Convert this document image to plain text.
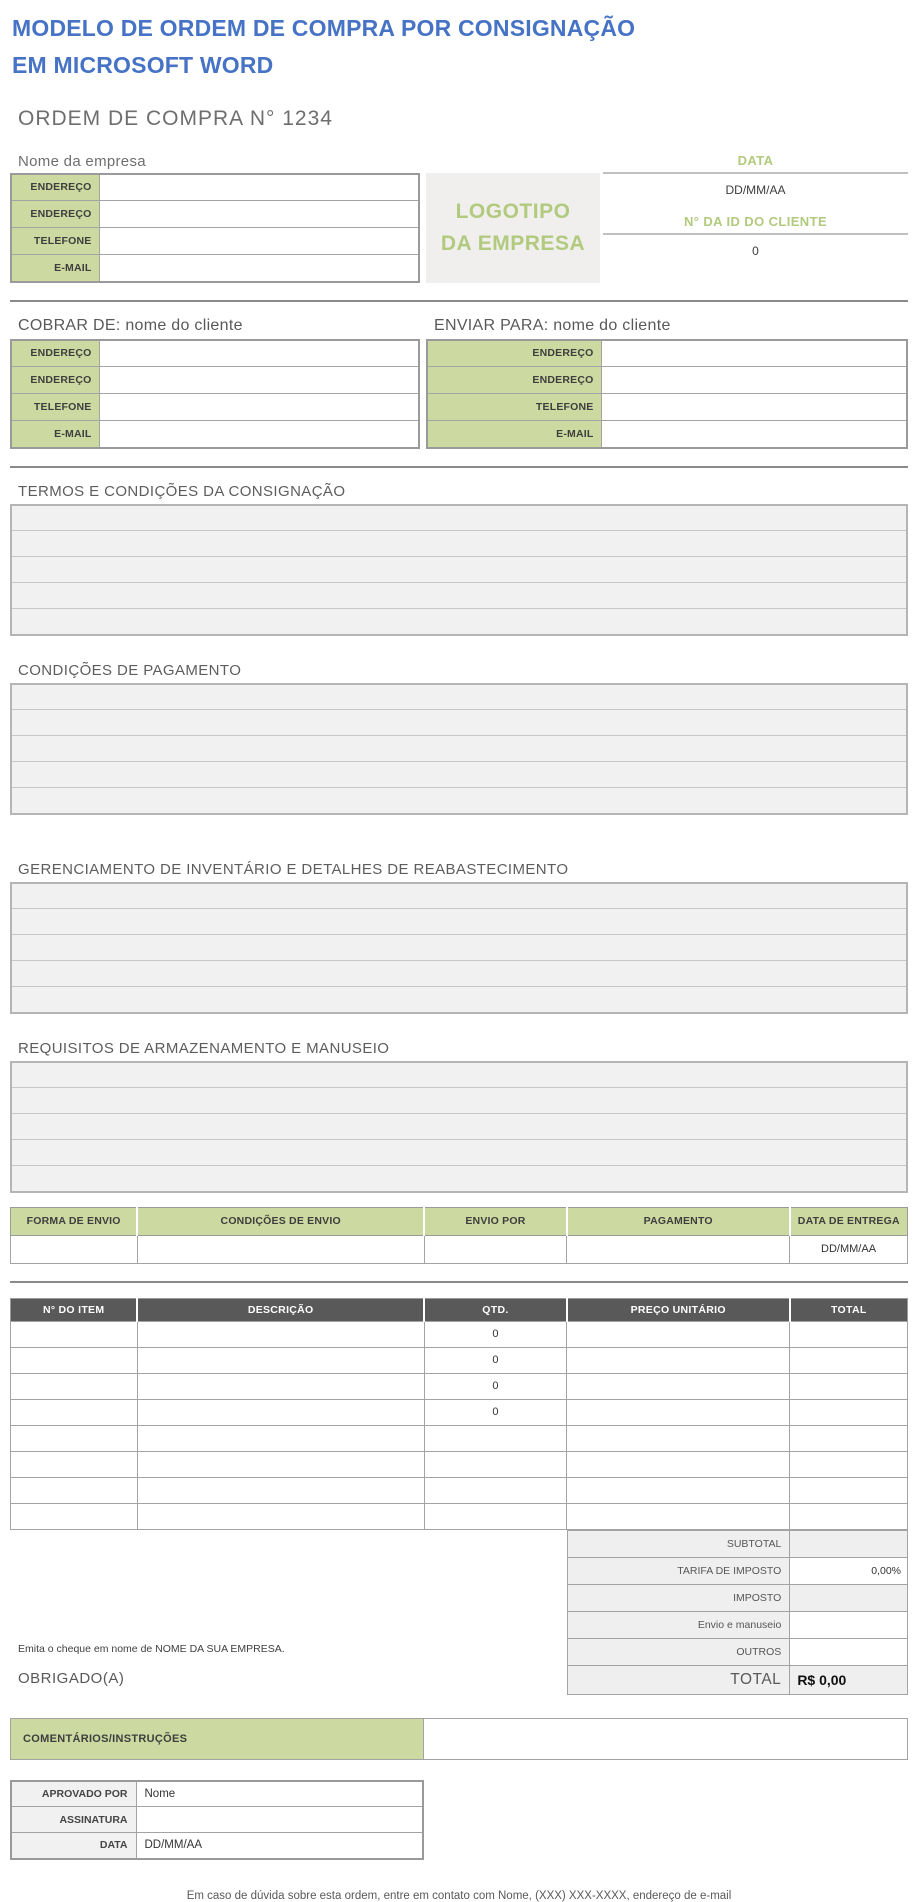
MODELO DE ORDEM DE COMPRA POR CONSIGNAÇÃO EM MICROSOFT WORD
ORDEM DE COMPRA N° 1234
Nome da empresa
ENDEREÇO	
ENDEREÇO	
TELEFONE	
E-MAIL	
LOGOTIPO
DA EMPRESA
DATA
DD/MM/AA
N° DA ID DO CLIENTE
0
COBRAR DE: nome do cliente
ENDEREÇO	
ENDEREÇO	
TELEFONE	
E-MAIL	
ENVIAR PARA: nome do cliente
ENDEREÇO	
ENDEREÇO	
TELEFONE	
E-MAIL	
TERMOS E CONDIÇÕES DA CONSIGNAÇÃO

CONDIÇÕES DE PAGAMENTO

GERENCIAMENTO DE INVENTÁRIO E DETALHES DE REABASTECIMENTO

REQUISITOS DE ARMAZENAMENTO E MANUSEIO

FORMA DE ENVIO	CONDIÇÕES DE ENVIO	ENVIO POR	PAGAMENTO	DATA DE ENTREGA
				DD/MM/AA
N° DO ITEM	DESCRIÇÃO	QTD.	PREÇO UNITÁRIO	TOTAL
		0		
		0		
		0		
		0		

Emita o cheque em nome de NOME DA SUA EMPRESA.
OBRIGADO(A)
SUBTOTAL	
TARIFA DE IMPOSTO	0,00%
IMPOSTO	
Envio e manuseio	
OUTROS	
TOTAL	R$ 0,00
COMENTÁRIOS/INSTRUÇÕES	
APROVADO POR	Nome
ASSINATURA	
DATA	DD/MM/AA
Em caso de dúvida sobre esta ordem, entre em contato com Nome, (XXX) XXX-XXXX, endereço de e-mail
